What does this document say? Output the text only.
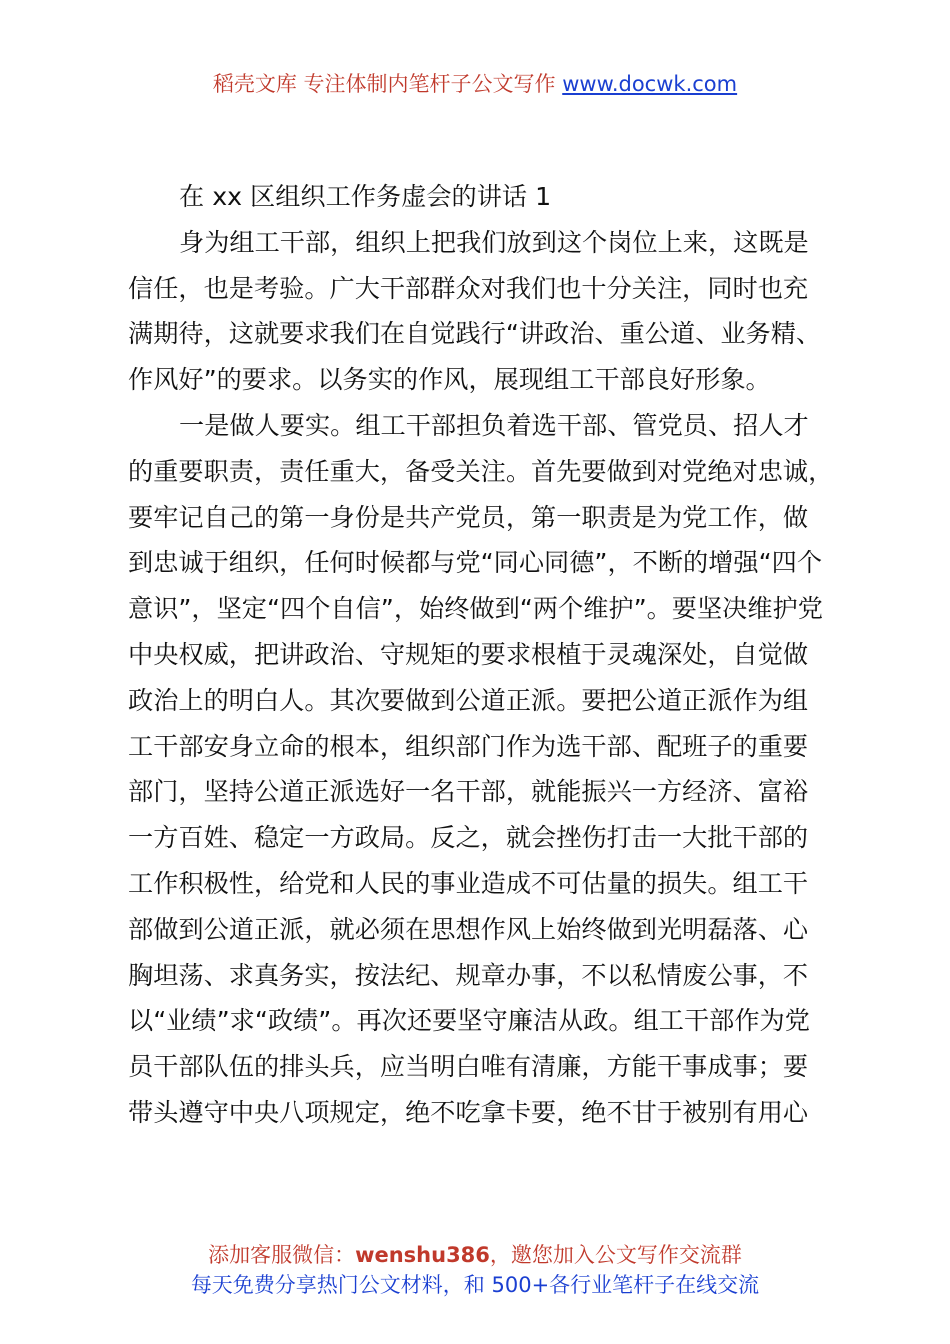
稻壳文库 专注体制内笔杆子公文写作 www.docwk.com
在 xx 区组织工作务虚会的讲话 1

身为组工干部，组织上把我们放到这个岗位上来，这既是
信任，也是考验。广大干部群众对我们也十分关注，同时也充
满期待，这就要求我们在自觉践行“讲政治、重公道、业务精、
作风好”的要求。以务实的作风，展现组工干部良好形象。

一是做人要实。组工干部担负着选干部、管党员、招人才
的重要职责，责任重大，备受关注。首先要做到对党绝对忠诚，
要牢记自己的第一身份是共产党员，第一职责是为党工作，做
到忠诚于组织，任何时候都与党“同心同德”，不断的增强“四个
意识”，坚定“四个自信”，始终做到“两个维护”。要坚决维护党
中央权威，把讲政治、守规矩的要求根植于灵魂深处，自觉做
政治上的明白人。其次要做到公道正派。要把公道正派作为组
工干部安身立命的根本，组织部门作为选干部、配班子的重要
部门，坚持公道正派选好一名干部，就能振兴一方经济、富裕
一方百姓、稳定一方政局。反之，就会挫伤打击一大批干部的
工作积极性，给党和人民的事业造成不可估量的损失。组工干
部做到公道正派，就必须在思想作风上始终做到光明磊落、心
胸坦荡、求真务实，按法纪、规章办事，不以私情废公事，不
以“业绩”求“政绩”。再次还要坚守廉洁从政。组工干部作为党
员干部队伍的排头兵，应当明白唯有清廉，方能干事成事；要
带头遵守中央八项规定，绝不吃拿卡要，绝不甘于被别有用心

添加客服微信：wenshu386，邀您加入公文写作交流群
每天免费分享热门公文材料，和 500+各行业笔杆子在线交流
